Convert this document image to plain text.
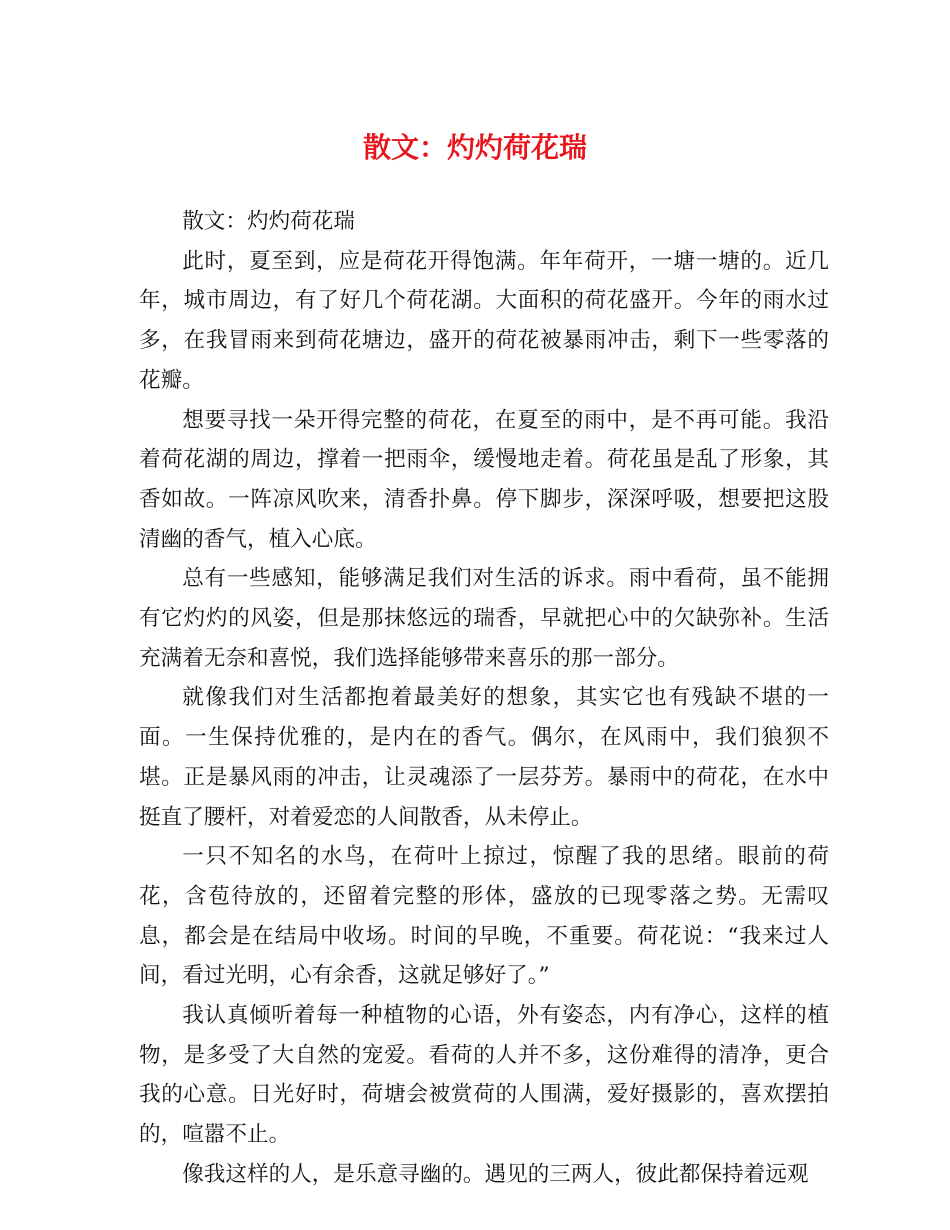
散文：灼灼荷花瑞

散文：灼灼荷花瑞

此时，夏至到，应是荷花开得饱满。年年荷开，一塘一塘的。近几年，城市周边，有了好几个荷花湖。大面积的荷花盛开。今年的雨水过多，在我冒雨来到荷花塘边，盛开的荷花被暴雨冲击，剩下一些零落的花瓣。

想要寻找一朵开得完整的荷花，在夏至的雨中，是不再可能。我沿着荷花湖的周边，撑着一把雨伞，缓慢地走着。荷花虽是乱了形象，其香如故。一阵凉风吹来，清香扑鼻。停下脚步，深深呼吸，想要把这股清幽的香气，植入心底。

总有一些感知，能够满足我们对生活的诉求。雨中看荷，虽不能拥有它灼灼的风姿，但是那抹悠远的瑞香，早就把心中的欠缺弥补。生活充满着无奈和喜悦，我们选择能够带来喜乐的那一部分。

就像我们对生活都抱着最美好的想象，其实它也有残缺不堪的一面。一生保持优雅的，是内在的香气。偶尔，在风雨中，我们狼狈不堪。正是暴风雨的冲击，让灵魂添了一层芬芳。暴雨中的荷花，在水中挺直了腰杆，对着爱恋的人间散香，从未停止。

一只不知名的水鸟，在荷叶上掠过，惊醒了我的思绪。眼前的荷花，含苞待放的，还留着完整的形体，盛放的已现零落之势。无需叹息，都会是在结局中收场。时间的早晚，不重要。荷花说：“我来过人间，看过光明，心有余香，这就足够好了。”

我认真倾听着每一种植物的心语，外有姿态，内有净心，这样的植物，是多受了大自然的宠爱。看荷的人并不多，这份难得的清净，更合我的心意。日光好时，荷塘会被赏荷的人围满，爱好摄影的，喜欢摆拍的，喧嚣不止。

像我这样的人，是乐意寻幽的。遇见的三两人，彼此都保持着远观
